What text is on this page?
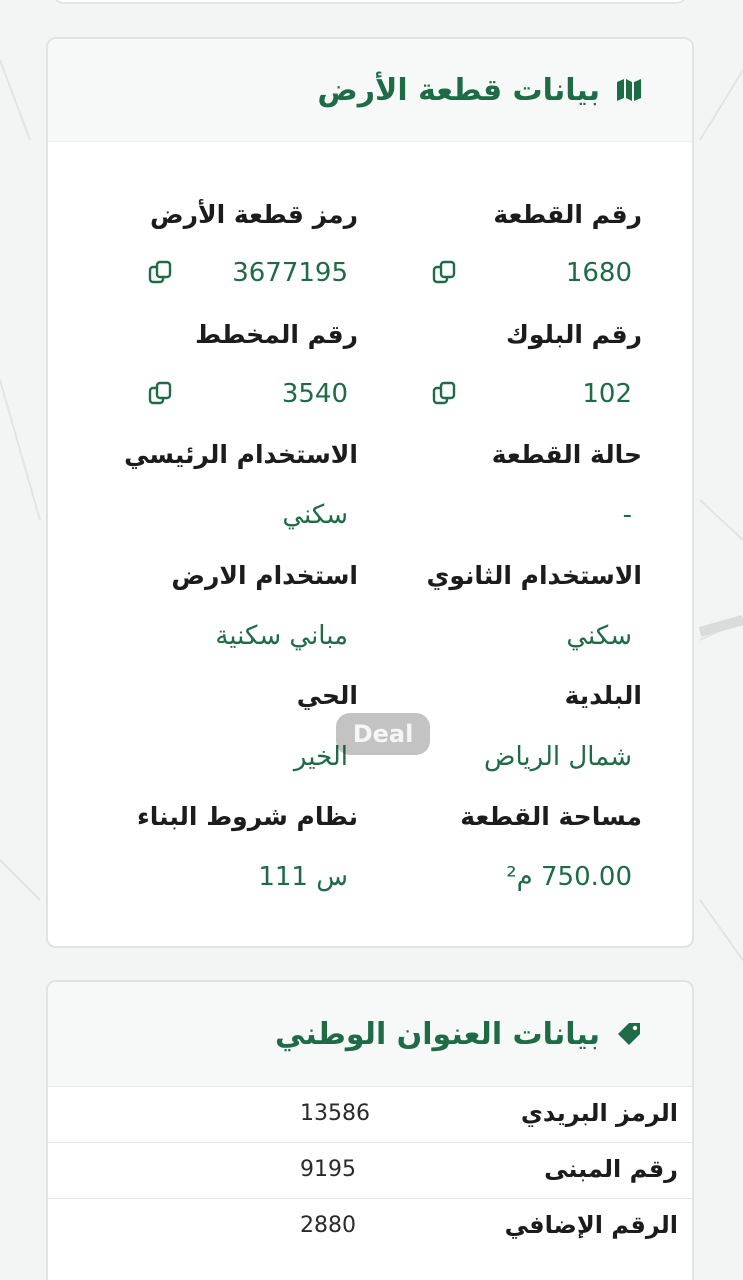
بيانات قطعة الأرض
رقم القطعة
رمز قطعة الأرض
1680
3677195
رقم البلوك
رقم المخطط
102
3540
حالة القطعة
الاستخدام الرئيسي
-
سكني
الاستخدام الثانوي
استخدام الارض
سكني
مباني سكنية
البلدية
الحي
شمال الرياض
الخير
مساحة القطعة
نظام شروط البناء
750.00 م²
س 111
بيانات العنوان الوطني
الرمز البريدي
13586
رقم المبنى
9195
الرقم الإضافي
2880
Deal
